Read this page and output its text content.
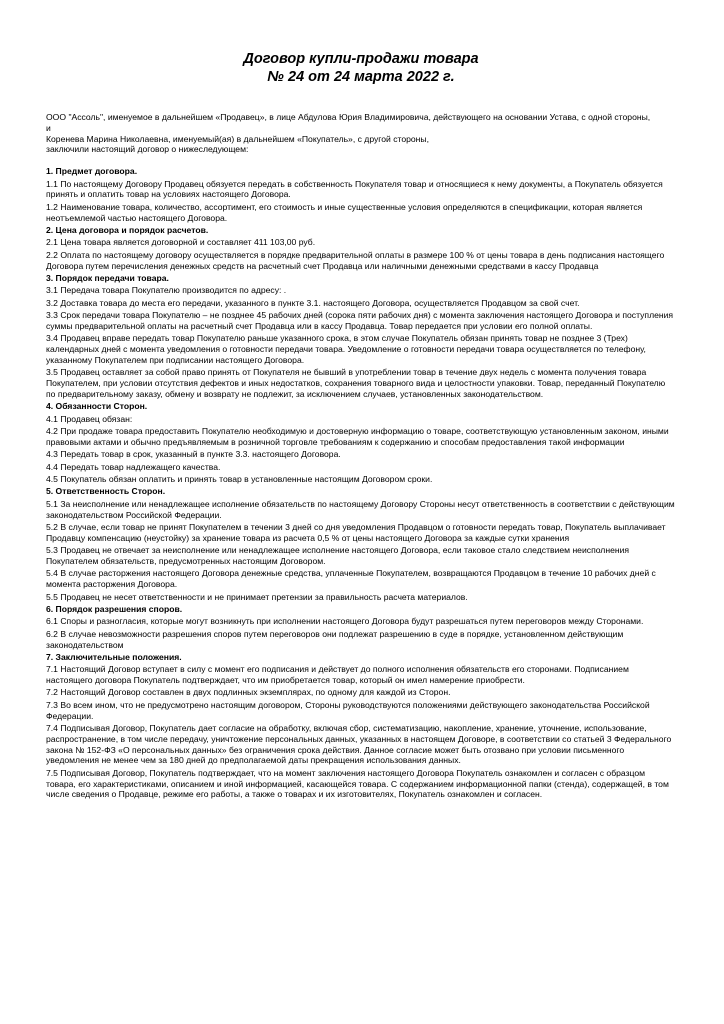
Договор купли-продажи товара
№ 24 от 24 марта 2022 г.

ООО "Ассоль", именуемое в дальнейшем «Продавец», в лице Абдулова Юрия Владимировича, действующего на основании Устава, с одной стороны,

и

Коренева Марина Николаевна, именуемый(ая) в дальнейшем «Покупатель», с другой стороны,

заключили настоящий договор о нижеследующем:

1. Предмет договора.

1.1 По настоящему Договору Продавец обязуется передать в собственность Покупателя товар и относящиеся к нему документы, а Покупатель обязуется принять и оплатить товар на условиях настоящего Договора.

1.2 Наименование товара, количество, ассортимент, его стоимость и иные существенные условия определяются в спецификации, которая является неотъемлемой частью настоящего Договора.

2. Цена договора и порядок расчетов.

2.1 Цена товара является договорной и составляет 411 103,00 руб.

2.2 Оплата по настоящему договору осуществляется в порядке предварительной оплаты в размере 100 % от цены товара в день подписания настоящего Договора путем перечисления денежных средств на расчетный счет Продавца или наличными денежными средствами в кассу Продавца

3. Порядок передачи товара.

3.1 Передача товара Покупателю производится по адресу: .

3.2 Доставка товара до места его передачи, указанного в пункте 3.1. настоящего Договора, осуществляется Продавцом за свой счет.

3.3 Срок передачи товара Покупателю – не позднее 45 рабочих дней (сорока пяти рабочих дня) с момента заключения настоящего Договора и поступления суммы предварительной оплаты на расчетный счет Продавца или в кассу Продавца. Товар передается при условии его полной оплаты.

3.4 Продавец вправе передать товар Покупателю раньше указанного срока, в этом случае Покупатель обязан принять товар не позднее 3 (Трех) календарных дней с момента уведомления о готовности передачи товара. Уведомление о готовности передачи товара осуществляется по телефону, указанному Покупателем при подписании настоящего Договора.

3.5 Продавец оставляет за собой право принять от Покупателя не бывший в употреблении товар в течение двух недель с момента получения товара Покупателем, при условии отсутствия дефектов и иных недостатков, сохранения товарного вида и целостности упаковки. Товар, переданный Покупателю по предварительному заказу, обмену и возврату не подлежит, за исключением случаев, установленных законодательством.

4. Обязанности Сторон.

4.1 Продавец обязан:

4.2 При продаже товара предоставить Покупателю необходимую и достоверную информацию о товаре, соответствующую установленным законом, иными правовыми актами и обычно предъявляемым в розничной торговле требованиям к содержанию и способам предоставления такой информации

4.3 Передать товар в срок, указанный в пункте 3.3. настоящего Договора.

4.4 Передать товар надлежащего качества.

4.5 Покупатель обязан оплатить и принять товар в установленные настоящим Договором сроки.

5. Ответственность Сторон.

5.1 За неисполнение или ненадлежащее исполнение обязательств по настоящему Договору Стороны несут ответственность в соответствии с действующим законодательством Российской Федерации.

5.2 В случае, если товар не принят Покупателем в течении 3 дней со дня уведомления Продавцом о готовности передать товар, Покупатель выплачивает Продавцу компенсацию (неустойку) за хранение товара из расчета 0,5 % от цены настоящего Договора за каждые сутки хранения

5.3 Продавец не отвечает за неисполнение или ненадлежащее исполнение настоящего Договора, если таковое стало следствием неисполнения Покупателем обязательств, предусмотренных настоящим Договором.

5.4 В случае расторжения настоящего Договора денежные средства, уплаченные Покупателем, возвращаются Продавцом в течение 10 рабочих дней с момента расторжения Договора.

5.5 Продавец не несет ответственности и не принимает претензии за правильность расчета материалов.

6. Порядок разрешения споров.

6.1 Споры и разногласия, которые могут возникнуть при исполнении настоящего Договора будут разрешаться путем переговоров между Сторонами.

6.2 В случае невозможности разрешения споров путем переговоров они подлежат разрешению в суде в порядке, установленном действующим законодательством

7. Заключительные положения.

7.1 Настоящий Договор вступает в силу с момент его подписания и действует до полного исполнения обязательств его сторонами. Подписанием настоящего договора Покупатель подтверждает, что им приобретается товар, который он имел намерение приобрести.

7.2 Настоящий Договор составлен в двух подлинных экземплярах, по одному для каждой из Сторон.

7.3 Во всем ином, что не предусмотрено настоящим договором, Стороны руководствуются положениями действующего законодательства Российской Федерации.

7.4 Подписывая Договор, Покупатель дает согласие на обработку, включая сбор, систематизацию, накопление, хранение, уточнение, использование, распространение, в том числе передачу, уничтожение персональных данных, указанных в настоящем Договоре, в соответствии со статьей 3 Федерального закона № 152-ФЗ «О персональных данных» без ограничения срока действия. Данное согласие может быть отозвано при условии письменного уведомления не менее чем за 180 дней до предполагаемой даты прекращения использования данных.

7.5 Подписывая Договор, Покупатель подтверждает, что на момент заключения настоящего Договора Покупатель ознакомлен и согласен с образцом товара, его характеристиками, описанием и иной информацией, касающейся товара. С содержанием информационной папки (стенда), содержащей, в том числе сведения о Продавце, режиме его работы, а также о товарах и их изготовителях, Покупатель ознакомлен и согласен.
